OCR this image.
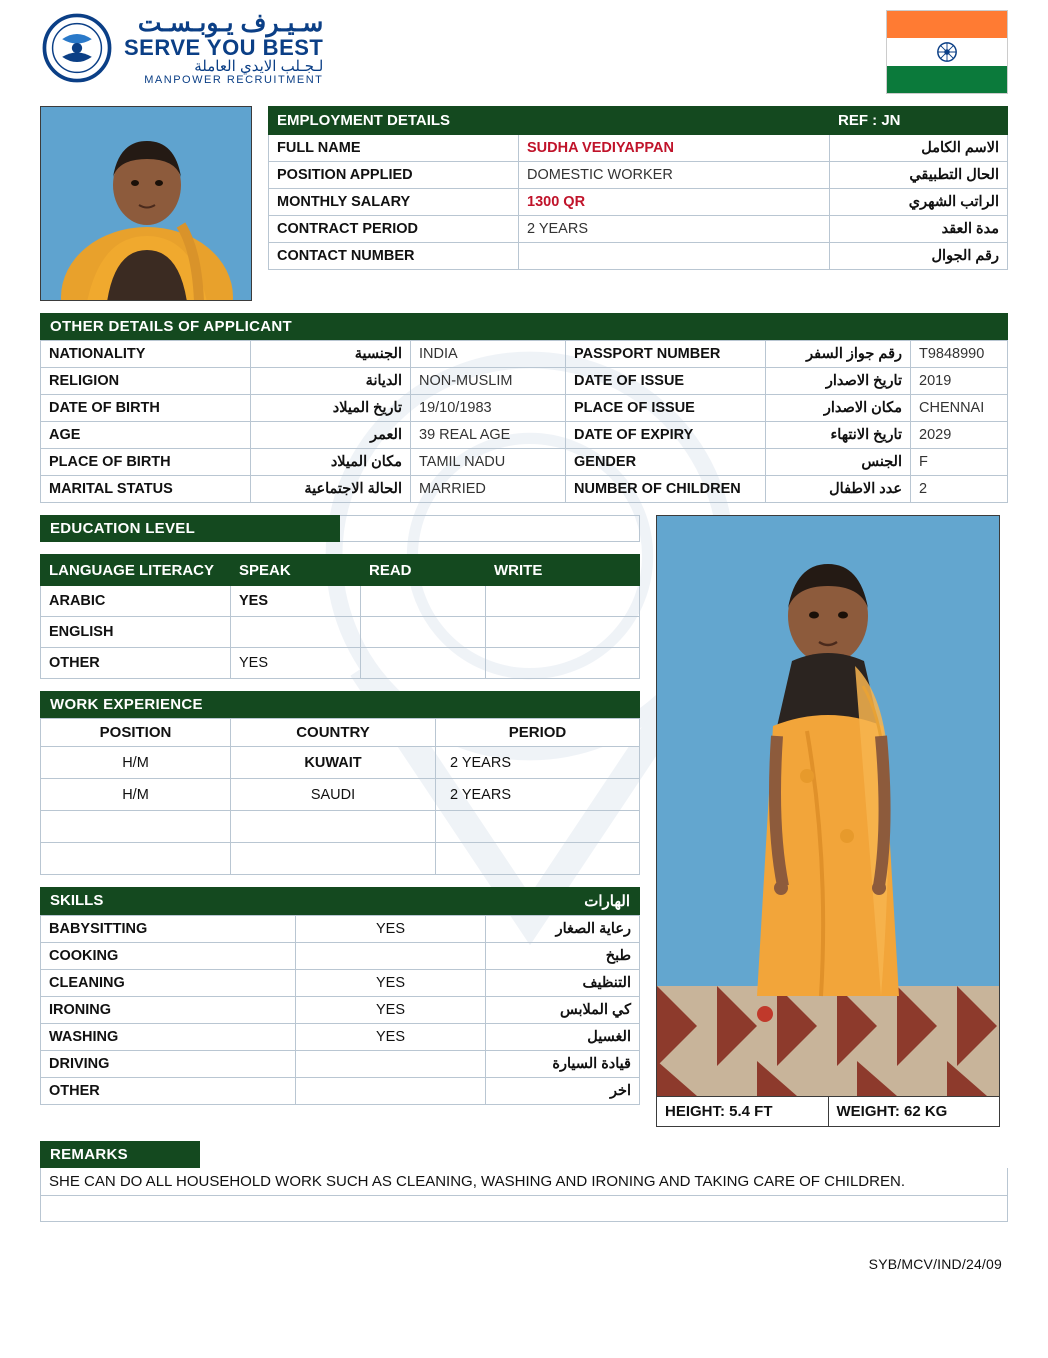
سـيـرف يـوبـسـت
SERVE YOU BEST
لـجـلب الايدي العاملة
MANPOWER RECRUITMENT
EMPLOYMENT DETAILS		REF : JN
FULL NAME	SUDHA VEDIYAPPAN	الاسم الكامل
POSITION APPLIED	DOMESTIC WORKER	الحال التطبيقي
MONTHLY SALARY	1300 QR	الراتب الشهري
CONTRACT PERIOD	2 YEARS	مدة العقد
CONTACT NUMBER		رقم الجوال
OTHER DETAILS OF APPLICANT

NATIONALITY	الجنسية	INDIA	PASSPORT NUMBER	رقم جواز السفر	T9848990
RELIGION	الديانة	NON-MUSLIM	DATE OF ISSUE	تاريخ الاصدار	2019
DATE OF BIRTH	تاريخ الميلاد	19/10/1983	PLACE OF ISSUE	مكان الاصدار	CHENNAI
AGE	العمر	39 REAL AGE	DATE OF EXPIRY	تاريخ الانتهاء	2029
PLACE OF BIRTH	مكان الميلاد	TAMIL NADU	GENDER	الجنس	F
MARITAL STATUS	الحالة الاجتماعية	MARRIED	NUMBER OF CHILDREN	عدد الاطفال	2
EDUCATION LEVEL
LANGUAGE LITERACY	SPEAK	READ	WRITE
ARABIC	YES		
ENGLISH			
OTHER	YES		
WORK EXPERIENCE

POSITION	COUNTRY	PERIOD
H/M	KUWAIT	2 YEARS
H/M	SAUDI	2 YEARS

SKILLS	الهارات
BABYSITTING	YES	رعاية الصغار
COOKING		طبخ
CLEANING	YES	التنظيف
IRONING	YES	كي الملابس
WASHING	YES	الغسيل
DRIVING		قيادة السيارة
OTHER		اخر
HEIGHT: 5.4 FT	WEIGHT: 62 KG
REMARKS
SHE CAN DO ALL HOUSEHOLD WORK SUCH AS CLEANING, WASHING AND IRONING AND TAKING CARE OF CHILDREN.
SYB/MCV/IND/24/09
